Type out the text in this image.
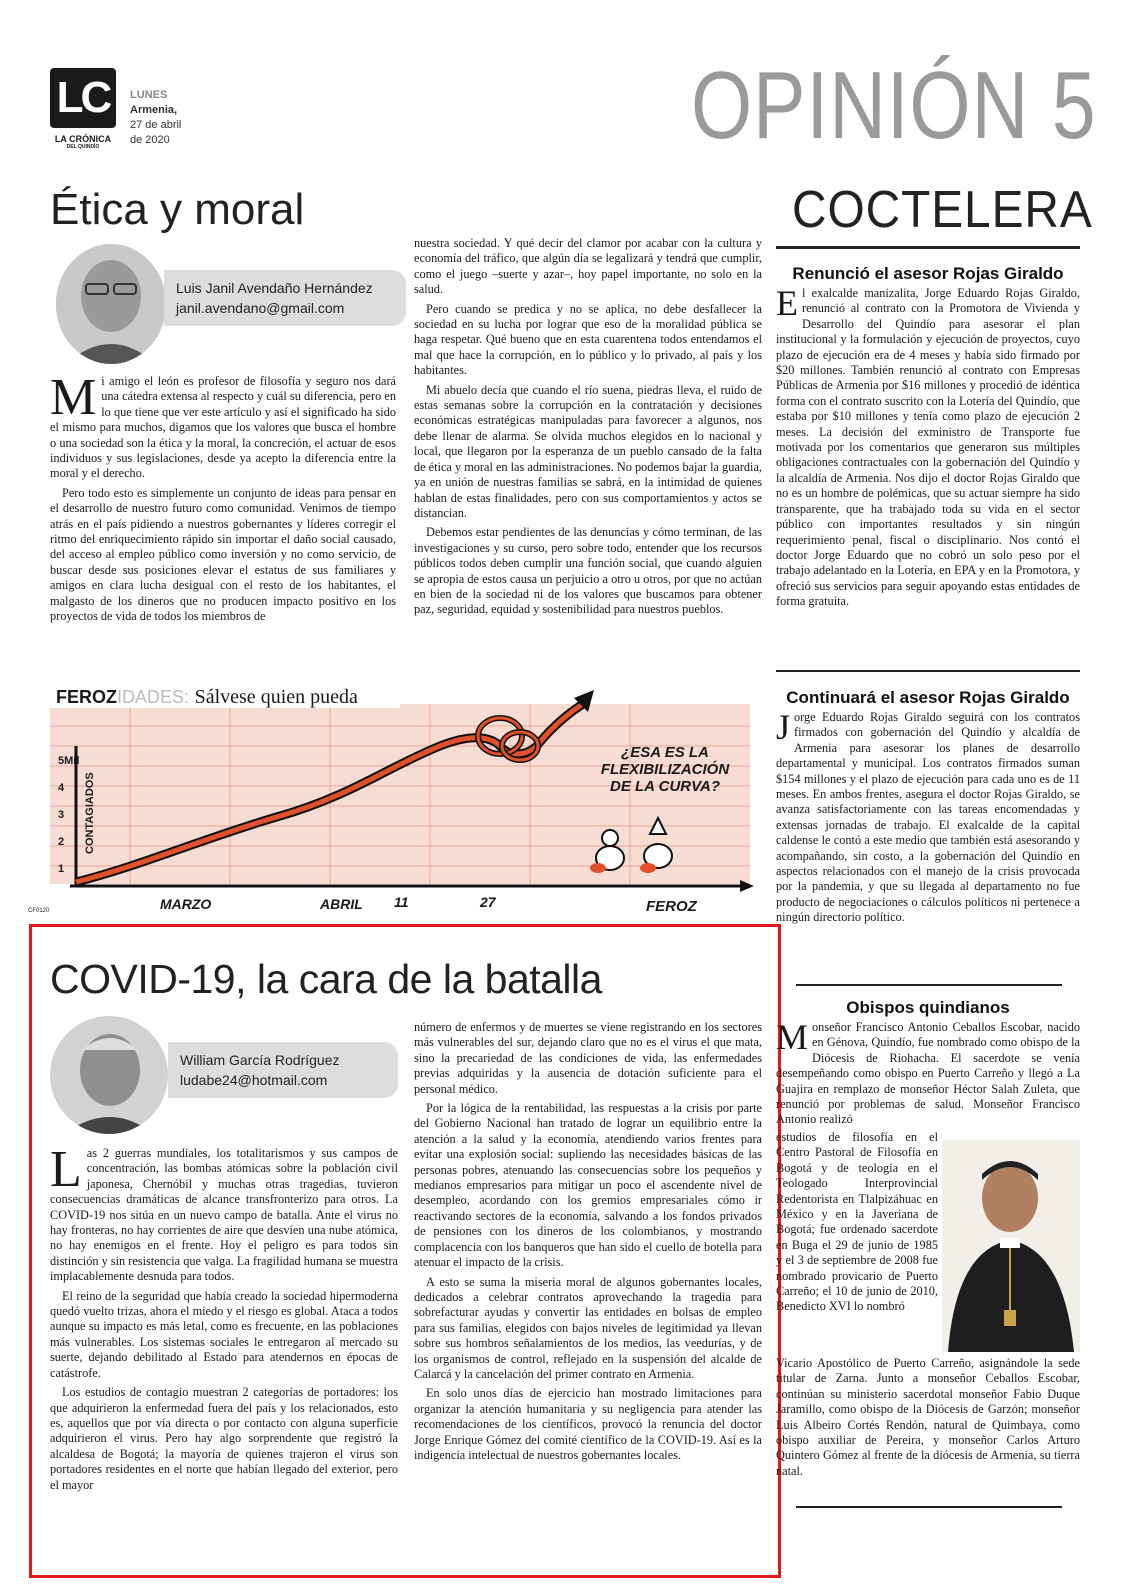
LC
LA CRÓNICA
DEL QUINDÍO
LUNES
Armenia,
27 de abril
de 2020	OPINIÓN 5
Ética y moral
Luis Janil Avendaño Hernández
janil.avendano@gmail.com

Mi amigo el león es profesor de filosofía y seguro nos dará una cátedra extensa al respecto y cuál su diferencia, pero en lo que tiene que ver este artículo y así el significado ha sido el mismo para muchos, digamos que los valores que busca el hombre o una sociedad son la ética y la moral, la concreción, el actuar de esos individuos y sus legislaciones, desde ya acepto la diferencia entre la moral y el derecho.

Pero todo esto es simplemente un conjunto de ideas para pensar en el desarrollo de nuestro futuro como comunidad. Venimos de tiempo atrás en el país pidiendo a nuestros gobernantes y líderes corregir el ritmo del enriquecimiento rápido sin importar el daño social causado, del acceso al empleo público como inversión y no como servicio, de buscar desde sus posiciones elevar el estatus de sus familiares y amigos en clara lucha desigual con el resto de los habitantes, el malgasto de los dineros que no producen impacto positivo en los proyectos de vida de todos los miembros de

nuestra sociedad. Y qué decir del clamor por acabar con la cultura y economía del tráfico, que algún día se legalizará y tendrá que cumplir, como el juego –suerte y azar–, hoy papel importante, no solo en la salud.

Pero cuando se predica y no se aplica, no debe desfallecer la sociedad en su lucha por lograr que eso de la moralidad pública se haga respetar. Qué bueno que en esta cuarentena todos entendamos el mal que hace la corrupción, en lo público y lo privado, al país y los habitantes.

Mi abuelo decía que cuando el río suena, piedras lleva, el ruido de estas semanas sobre la corrupción en la contratación y decisiones económicas estratégicas manipuladas para favorecer a algunos, nos debe llenar de alarma. Se olvida muchos elegidos en lo nacional y local, que llegaron por la esperanza de un pueblo cansado de la falta de ética y moral en las administraciones. No podemos bajar la guardia, ya en unión de nuestras familias se sabrá, en la intimidad de quienes hablan de estas finalidades, pero con sus comportamientos y actos se distancian.

Debemos estar pendientes de las denuncias y cómo terminan, de las investigaciones y su curso, pero sobre todo, entender que los recursos públicos todos deben cumplir una función social, que cuando alguien se apropia de estos causa un perjuicio a otro u otros, por que no actúan en bien de la sociedad ni de los valores que buscamos para obtener paz, seguridad, equidad y sostenibilidad para nuestros pueblos.

FEROZIDADES: Sálvese quien pueda
CONTAGIADOS
5Mil
4
3
2
1
MARZO	ABRIL 11	27
¿ESA ES LA
FLEXIBILIZACIÓN
DE LA CURVA?
FEROZ
CF0120
COVID-19, la cara de la batalla
William García Rodríguez
ludabe24@hotmail.com

Las 2 guerras mundiales, los totalitarismos y sus campos de concentración, las bombas atómicas sobre la población civil japonesa, Chernóbil y muchas otras tragedias, tuvieron consecuencias dramáticas de alcance transfronterizo para otros. La COVID-19 nos sitúa en un nuevo campo de batalla. Ante el virus no hay fronteras, no hay corrientes de aire que desvíen una nube atómica, no hay enemigos en el frente. Hoy el peligro es para todos sin distinción y sin resistencia que valga. La fragilidad humana se muestra implacablemente desnuda para todos.

El reino de la seguridad que había creado la sociedad hipermoderna quedó vuelto trizas, ahora el miedo y el riesgo es global. Ataca a todos aunque su impacto es más letal, como es frecuente, en las poblaciones más vulnerables. Los sistemas sociales le entregaron al mercado su suerte, dejando debilitado al Estado para atendernos en épocas de catástrofe.

Los estudios de contagio muestran 2 categorías de portadores: los que adquirieron la enfermedad fuera del país y los relacionados, esto es, aquellos que por vía directa o por contacto con alguna superficie adquirieron el virus. Pero hay algo sorprendente que registró la alcaldesa de Bogotá; la mayoría de quienes trajeron el virus son portadores residentes en el norte que habían llegado del exterior, pero el mayor

número de enfermos y de muertes se viene registrando en los sectores más vulnerables del sur, dejando claro que no es el virus el que mata, sino la precariedad de las condiciones de vida, las enfermedades previas adquiridas y la ausencia de dotación suficiente para el personal médico.

Por la lógica de la rentabilidad, las respuestas a la crisis por parte del Gobierno Nacional han tratado de lograr un equilibrio entre la atención a la salud y la economía, atendiendo varios frentes para evitar una explosión social: supliendo las necesidades básicas de las personas pobres, atenuando las consecuencias sobre los pequeños y medianos empresarios para mitigar un poco el ascendente nivel de desempleo, acordando con los gremios empresariales cómo ir reactivando sectores de la economía, salvando a los fondos privados de pensiones con los dineros de los colombianos, y mostrando complacencia con los banqueros que han sido el cuello de botella para atenuar el impacto de la crisis.

A esto se suma la miseria moral de algunos gobernantes locales, dedicados a celebrar contratos aprovechando la tragedia para sobrefacturar ayudas y convertir las entidades en bolsas de empleo para sus familias, elegidos con bajos niveles de legitimidad ya llevan sobre sus hombros señalamientos de los medios, las veedurías, y de los organismos de control, reflejado en la suspensión del alcalde de Calarcá y la cancelación del primer contrato en Armenia.

En solo unos días de ejercicio han mostrado limitaciones para organizar la atención humanitaria y su negligencia para atender las recomendaciones de los científicos, provocó la renuncia del doctor Jorge Enrique Gómez del comité científico de la COVID-19. Así es la indigencia intelectual de nuestros gobernantes locales.

COCTELERA
Renunció el asesor Rojas Giraldo

El exalcalde manizalita, Jorge Eduardo Rojas Giraldo, renunció al contrato con la Promotora de Vivienda y Desarrollo del Quindío para asesorar el plan institucional y la formulación y ejecución de proyectos, cuyo plazo de ejecución era de 4 meses y había sido firmado por $20 millones. También renunció al contrato con Empresas Públicas de Armenia por $16 millones y procedió de idéntica forma con el contrato suscrito con la Lotería del Quindío, que estaba por $10 millones y tenía como plazo de ejecución 2 meses. La decisión del exministro de Transporte fue motivada por los comentarios que generaron sus múltiples obligaciones contractuales con la gobernación del Quindío y la alcaldía de Armenia. Nos dijo el doctor Rojas Giraldo que no es un hombre de polémicas, que su actuar siempre ha sido transparente, que ha trabajado toda su vida en el sector público con importantes resultados y sin ningún requerimiento penal, fiscal o disciplinario. Nos contó el doctor Jorge Eduardo que no cobró un solo peso por el trabajo adelantado en la Lotería, en EPA y en la Promotora, y ofreció sus servicios para seguir apoyando estas entidades de forma gratuita.

Continuará el asesor Rojas Giraldo

Jorge Eduardo Rojas Giraldo seguirá con los contratos firmados con gobernación del Quindío y alcaldía de Armenia para asesorar los planes de desarrollo departamental y municipal. Los contratos firmados suman $154 millones y el plazo de ejecución para cada uno es de 11 meses. En ambos frentes, asegura el doctor Rojas Giraldo, se avanza satisfactoriamente con las tareas encomendadas y extensas jornadas de trabajo. El exalcalde de la capital caldense le contó a este medio que también está asesorando y acompañando, sin costo, a la gobernación del Quindío en aspectos relacionados con el manejo de la crisis provocada por la pandemia, y que su llegada al departamento no fue producto de negociaciones o cálculos políticos ni pertenece a ningún directorio político.

Obispos quindianos

Monseñor Francisco Antonio Ceballos Escobar, nacido en Génova, Quindío, fue nombrado como obispo de la Diócesis de Riohacha. El sacerdote se venía desempeñando como obispo en Puerto Carreño y llegó a La Guajira en remplazo de monseñor Héctor Salah Zuleta, que renunció por problemas de salud. Monseñor Francisco Antonio realizó

estudios de filosofía en el Centro Pastoral de Filosofía en Bogotá y de teología en el Teologado Interprovincial Redentorista en Tlalpizáhuac en México y en la Javeriana de Bogotá; fue ordenado sacerdote en Buga el 29 de junio de 1985 y el 3 de septiembre de 2008 fue nombrado provicario de Puerto Carreño; el 10 de junio de 2010, Benedicto XVI lo nombró
Vicario Apostólico de Puerto Carreño, asignándole la sede titular de Zarna. Junto a monseñor Ceballos Escobar, continúan su ministerio sacerdotal monseñor Fabio Duque Jaramillo, como obispo de la Diócesis de Garzón; monseñor Luis Albeiro Cortés Rendón, natural de Quimbaya, como obispo auxiliar de Pereira, y monseñor Carlos Arturo Quintero Gómez al frente de la diócesis de Armenia, su tierra natal.
